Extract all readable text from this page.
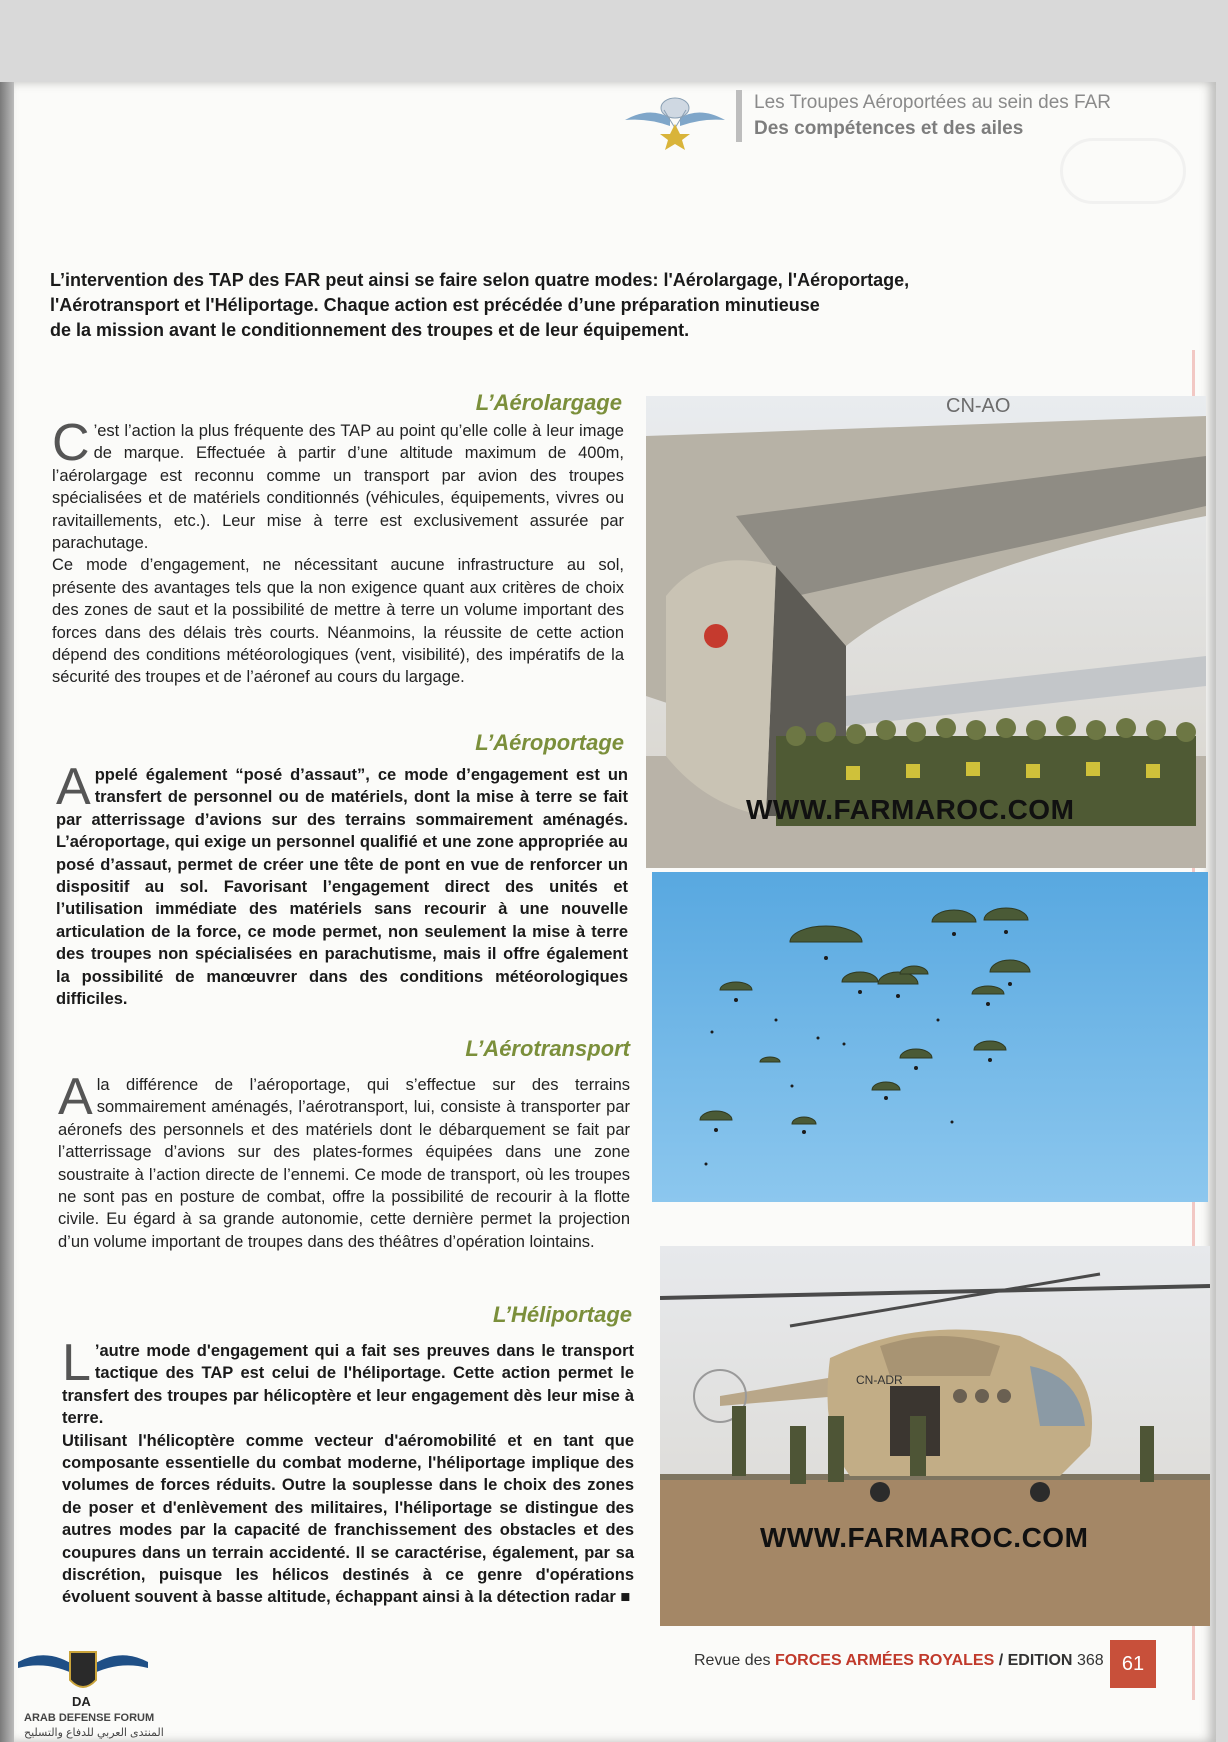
Les Troupes Aéroportées au sein des FAR
Des compétences et des ailes

L’intervention des TAP des FAR peut ainsi se faire selon quatre modes: l'Aérolargage, l'Aéroportage,

l'Aérotransport et l'Héliportage. Chaque action est précédée d’une préparation minutieuse

de la mission avant le conditionnement des troupes et de leur équipement.

L’Aérolargage

C ’est l’action la plus fréquente des TAP au point qu’elle colle à leur image de marque. Effectuée à partir d’une altitude maximum de 400m, l’aérolargage est reconnu comme un transport par avion des troupes spécialisées et de matériels conditionnés (véhicules, équipements, vivres ou ravitaillements, etc.). Leur mise à terre est exclusivement assurée par parachutage.

Ce mode d’engagement, ne nécessitant aucune infrastructure au sol, présente des avantages tels que la non exigence quant aux critères de choix des zones de saut et la possibilité de mettre à terre un volume important des forces dans des délais très courts. Néanmoins, la réussite de cette action dépend des conditions météorologiques (vent, visibilité), des impératifs de la sécurité des troupes et de l’aéronef au cours du largage.

L’Aéroportage

Appelé également “posé d’assaut”, ce mode d’engagement est un transfert de personnel ou de matériels, dont la mise à terre se fait par atterrissage d’avions sur des terrains sommairement aménagés. L’aéroportage, qui exige un personnel qualifié et une zone appropriée au posé d’assaut, permet de créer une tête de pont en vue de renforcer un dispositif au sol. Favorisant l’engagement direct des unités et l’utilisation immédiate des matériels sans recourir à une nouvelle articulation de la force, ce mode permet, non seulement la mise à terre des troupes non spécialisées en parachutisme, mais il offre également la possibilité de manœuvrer dans des conditions météorologiques difficiles.

L’Aérotransport

A la différence de l’aéroportage, qui s’effectue sur des terrains sommairement aménagés, l’aérotransport, lui, consiste à transporter par aéronefs des personnels et des matériels dont le débarquement se fait par l’atterrissage d’avions sur des plates-formes équipées dans une zone soustraite à l’action directe de l’ennemi. Ce mode de transport, où les troupes ne sont pas en posture de combat, offre la possibilité de recourir à la flotte civile. Eu égard à sa grande autonomie, cette dernière permet la projection d’un volume important de troupes dans des théâtres d’opération lointains.

L’Héliportage

L ’autre mode d'engagement qui a fait ses preuves dans le transport tactique des TAP est celui de l'héliportage. Cette action permet le transfert des troupes par hélicoptère et leur engagement dès leur mise à terre.

Utilisant l'hélicoptère comme vecteur d'aéromobilité et en tant que composante essentielle du combat moderne, l'héliportage implique des volumes de forces réduits. Outre la souplesse dans le choix des zones de poser et d'enlèvement des militaires, l'héliportage se distingue des autres modes par la capacité de franchissement des obstacles et des coupures dans un terrain accidenté. Il se caractérise, également, par sa discrétion, puisque les hélicos destinés à ce genre d'opérations évoluent souvent à basse altitude, échappant ainsi à la détection radar ■

CN-AO
WWW.FARMAROC.COM
CN-ADR
WWW.FARMAROC.COM
Revue des FORCES ARMÉES ROYALES / EDITION 368 61
DA
ARAB DEFENSE FORUM
المنتدى العربي للدفاع والتسليح
